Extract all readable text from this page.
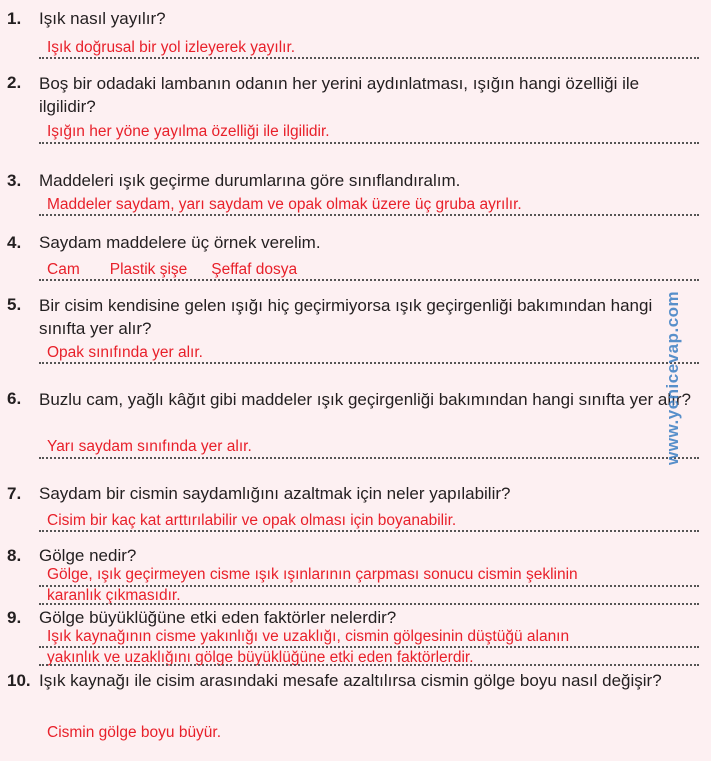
1. Işık nasıl yayılır?
Işık doğrusal bir yol izleyerek yayılır.
2. Boş bir odadaki lambanın odanın her yerini aydınlatması, ışığın hangi özelliği ile ilgilidir?
Işığın her yöne yayılma özelliği ile ilgilidir.
3. Maddeleri ışık geçirme durumlarına göre sınıflandıralım.
Maddeler saydam, yarı saydam ve opak olmak üzere üç gruba ayrılır.
4. Saydam maddelere üç örnek verelim.
Cam Plastik şişe Şeffaf dosya
5. Bir cisim kendisine gelen ışığı hiç geçirmiyorsa ışık geçirgenliği bakımından hangi sınıfta yer alır?
Opak sınıfında yer alır.
6. Buzlu cam, yağlı kâğıt gibi maddeler ışık geçirgenliği bakımından hangi sınıfta yer alır?
Yarı saydam sınıfında yer alır.
7. Saydam bir cismin saydamlığını azaltmak için neler yapılabilir?
Cisim bir kaç kat arttırılabilir ve opak olması için boyanabilir.
8. Gölge nedir?
Gölge, ışık geçirmeyen cisme ışık ışınlarının çarpması sonucu cismin şeklinin
karanlık çıkmasıdır.
9. Gölge büyüklüğüne etki eden faktörler nelerdir?
Işık kaynağının cisme yakınlığı ve uzaklığı, cismin gölgesinin düştüğü alanın
yakınlık ve uzaklığını gölge büyüklüğüne etki eden faktörlerdir.
10. Işık kaynağı ile cisim arasındaki mesafe azaltılırsa cismin gölge boyu nasıl değişir?
Cismin gölge boyu büyür.
www.yenicevap.com
